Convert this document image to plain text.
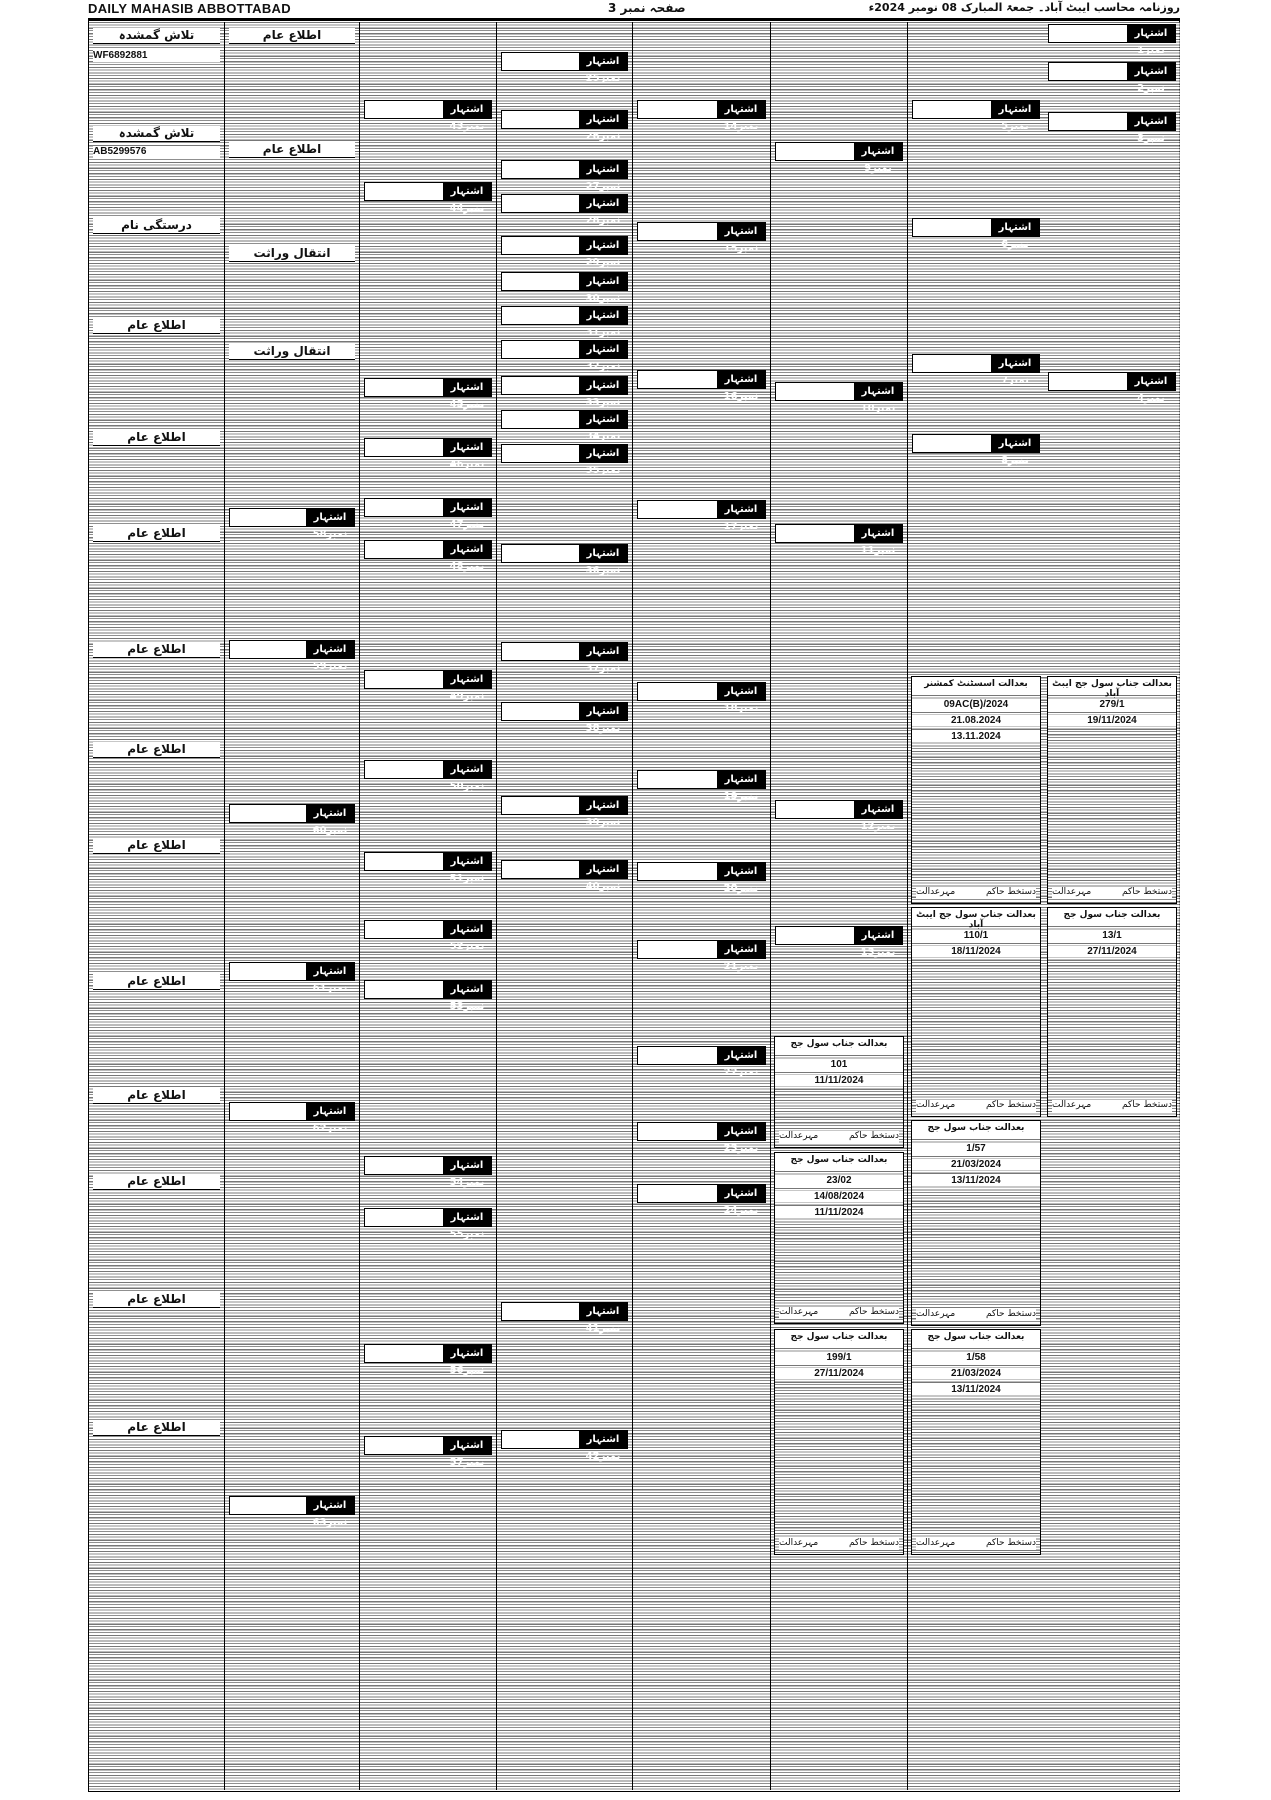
DAILY MAHASIB ABBOTTABAD	صفحہ نمبر 3	روزنامہ محاسب ایبٹ آباد۔ جمعۃ المبارک 08 نومبر 2024ء
تلاش گمشدہ
تلاش گمشدہ
درستگی نام
اطلاع عام
اطلاع عام
اطلاع عام
اطلاع عام
اطلاع عام
اطلاع عام
اطلاع عام
اطلاع عام
اطلاع عام
اطلاع عام
اطلاع عام
WF6892881
AB5299576
اشتہار نمبر58
اشتہار نمبر59
اشتہار نمبر60
اشتہار نمبر61
اشتہار نمبر62
اشتہار نمبر63
اطلاع عام
اطلاع عام
انتقال وراثت
انتقال وراثت
اشتہار نمبر43
اشتہار نمبر44
اشتہار نمبر45
اشتہار نمبر46
اشتہار نمبر47
اشتہار نمبر48
اشتہار نمبر49
اشتہار نمبر50
اشتہار نمبر51
اشتہار نمبر52
اشتہار نمبر53
اشتہار نمبر54
اشتہار نمبر55
اشتہار نمبر56
اشتہار نمبر57
اشتہار نمبر25
اشتہار نمبر26
اشتہار نمبر27
اشتہار نمبر28
اشتہار نمبر29
اشتہار نمبر30
اشتہار نمبر31
اشتہار نمبر32
اشتہار نمبر33
اشتہار نمبر34
اشتہار نمبر35
اشتہار نمبر36
اشتہار نمبر37
اشتہار نمبر38
اشتہار نمبر39
اشتہار نمبر40
اشتہار نمبر41
اشتہار نمبر42
اشتہار نمبر14
اشتہار نمبر15
اشتہار نمبر16
اشتہار نمبر17
اشتہار نمبر18
اشتہار نمبر19
اشتہار نمبر20
اشتہار نمبر21
اشتہار نمبر22
اشتہار نمبر23
اشتہار نمبر24
اشتہار نمبر9
اشتہار نمبر10
اشتہار نمبر11
اشتہار نمبر12
اشتہار نمبر13
بعدالت جناب سول جج
101
11/11/2024
دستخط حاکم
مہرعدالت
بعدالت جناب سول جج
23/02
14/08/2024
11/11/2024
دستخط حاکم
مہرعدالت
بعدالت جناب سول جج
199/1
27/11/2024
دستخط حاکم
مہرعدالت
اشتہار نمبر5
اشتہار نمبر6
اشتہار نمبر7
اشتہار نمبر8
بعدالت اسسٹنٹ کمشنر
09AC(B)/2024
21.08.2024
13.11.2024
دستخط حاکم
مہرعدالت
بعدالت جناب سول جج ایبٹ آباد
110/1
18/11/2024
دستخط حاکم
مہرعدالت
بعدالت جناب سول جج
1/57
21/03/2024
13/11/2024
دستخط حاکم
مہرعدالت
بعدالت جناب سول جج
1/58
21/03/2024
13/11/2024
دستخط حاکم
مہرعدالت
اشتہار نمبر1
اشتہار نمبر2
اشتہار نمبر3
اشتہار نمبر4
بعدالت جناب سول جج ایبٹ آباد
279/1
19/11/2024
دستخط حاکم
مہرعدالت
بعدالت جناب سول جج
13/1
27/11/2024
دستخط حاکم
مہرعدالت
